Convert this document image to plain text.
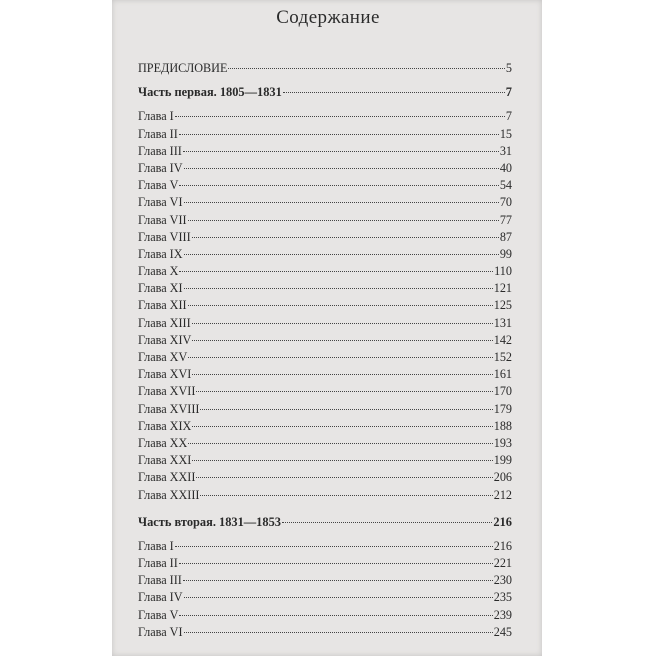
Содержание
ПРЕДИСЛОВИЕ	5
Часть первая. 1805—1831	7
Глава I	7
Глава II	15
Глава III	31
Глава IV	40
Глава V	54
Глава VI	70
Глава VII	77
Глава VIII	87
Глава IX	99
Глава X	110
Глава XI	121
Глава XII	125
Глава XIII	131
Глава XIV	142
Глава XV	152
Глава XVI	161
Глава XVII	170
Глава XVIII	179
Глава XIX	188
Глава XX	193
Глава XXI	199
Глава XXII	206
Глава XXIII	212
Часть вторая. 1831—1853	216
Глава I	216
Глава II	221
Глава III	230
Глава IV	235
Глава V	239
Глава VI	245
